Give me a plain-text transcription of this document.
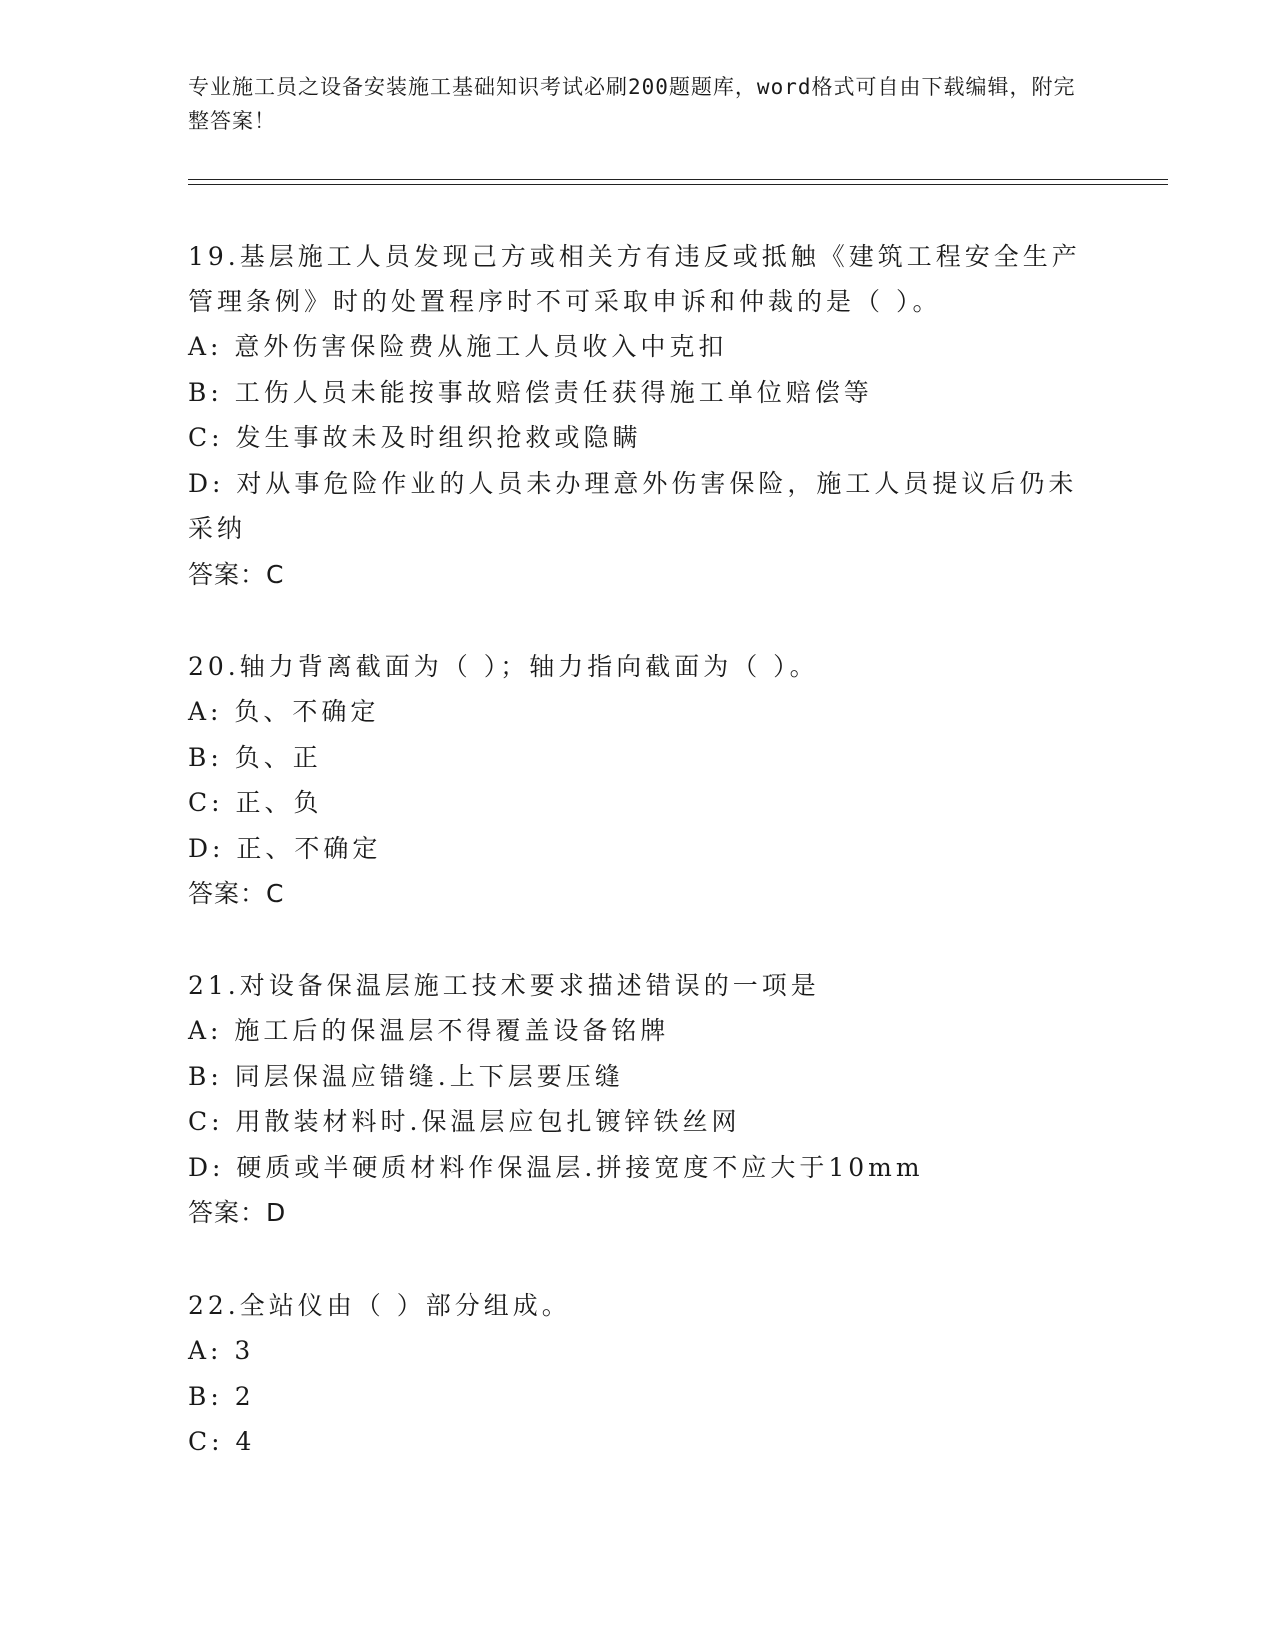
专业施工员之设备安装施工基础知识考试必刷200题题库，word格式可自由下载编辑，附完整答案！

19.基层施工人员发现己方或相关方有违反或抵触《建筑工程安全生产管理条例》时的处置程序时不可采取申诉和仲裁的是（ ）。

A: 意外伤害保险费从施工人员收入中克扣

B: 工伤人员未能按事故赔偿责任获得施工单位赔偿等

C: 发生事故未及时组织抢救或隐瞒

D: 对从事危险作业的人员未办理意外伤害保险，施工人员提议后仍未采纳

答案：C

20.轴力背离截面为（ ）；轴力指向截面为（ ）。

A: 负、不确定

B: 负、正

C: 正、负

D: 正、不确定

答案：C

21.对设备保温层施工技术要求描述错误的一项是

A: 施工后的保温层不得覆盖设备铭牌

B: 同层保温应错缝.上下层要压缝

C: 用散装材料时.保温层应包扎镀锌铁丝网

D: 硬质或半硬质材料作保温层.拼接宽度不应大于10mm

答案：D

22.全站仪由（ ）部分组成。

A: 3

B: 2

C: 4
